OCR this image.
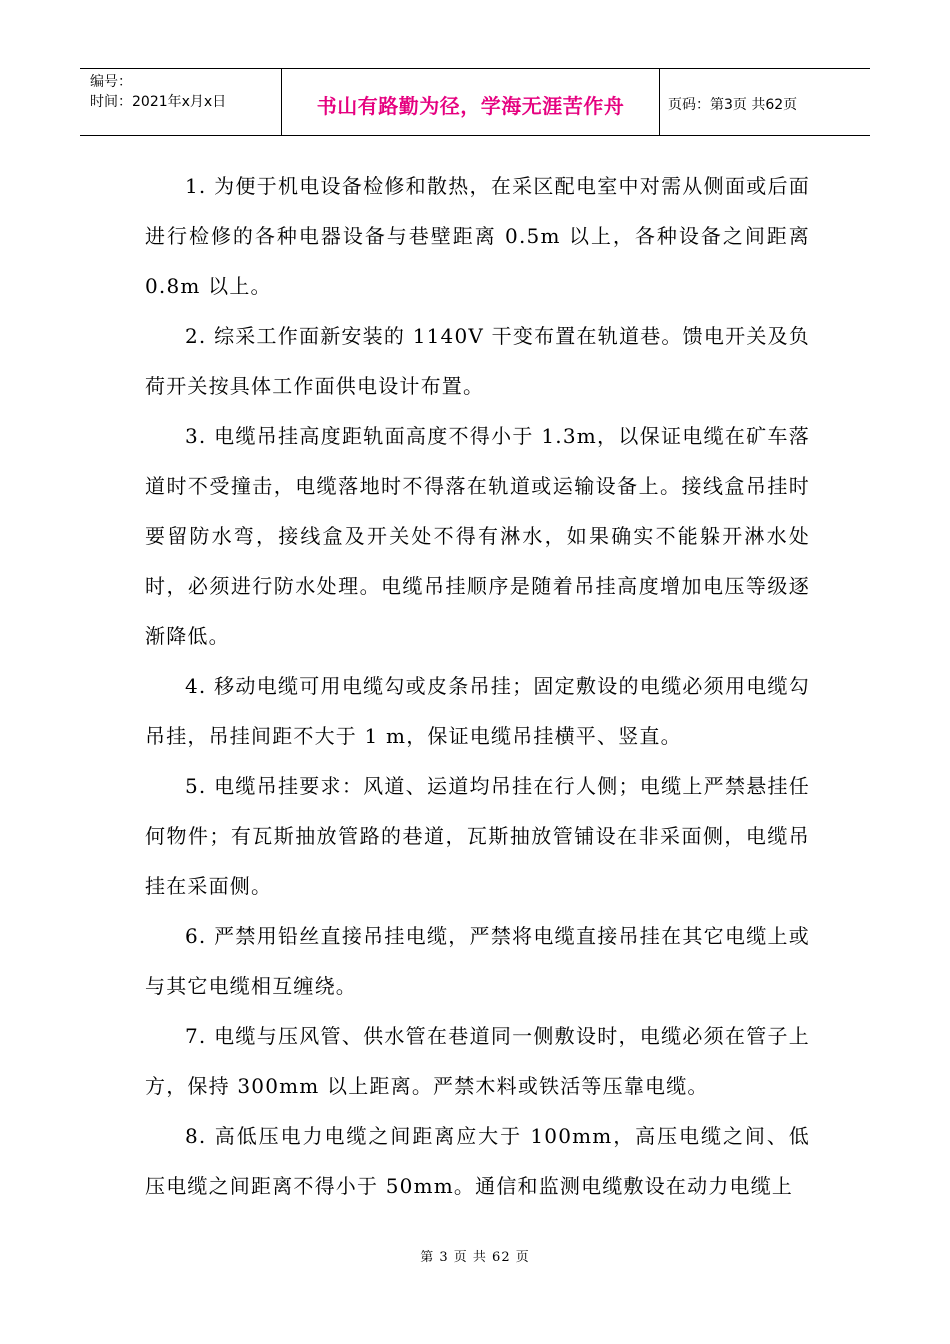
编号：
时间：2021年x月x日	书山有路勤为径，学海无涯苦作舟	页码：第3页 共62页

1. 为便于机电设备检修和散热，在采区配电室中对需从侧面或后面进行检修的各种电器设备与巷壁距离 0.5m 以上，各种设备之间距离 0.8m 以上。

2. 综采工作面新安装的 1140V 干变布置在轨道巷。馈电开关及负荷开关按具体工作面供电设计布置。

3. 电缆吊挂高度距轨面高度不得小于 1.3m，以保证电缆在矿车落道时不受撞击，电缆落地时不得落在轨道或运输设备上。接线盒吊挂时要留防水弯，接线盒及开关处不得有淋水，如果确实不能躲开淋水处时，必须进行防水处理。电缆吊挂顺序是随着吊挂高度增加电压等级逐渐降低。

4. 移动电缆可用电缆勾或皮条吊挂；固定敷设的电缆必须用电缆勾吊挂，吊挂间距不大于 1 m，保证电缆吊挂横平、竖直。

5. 电缆吊挂要求：风道、运道均吊挂在行人侧；电缆上严禁悬挂任何物件；有瓦斯抽放管路的巷道，瓦斯抽放管铺设在非采面侧，电缆吊挂在采面侧。

6. 严禁用铅丝直接吊挂电缆，严禁将电缆直接吊挂在其它电缆上或与其它电缆相互缠绕。

7. 电缆与压风管、供水管在巷道同一侧敷设时，电缆必须在管子上方，保持 300mm 以上距离。严禁木料或铁活等压靠电缆。

8. 高低压电力电缆之间距离应大于 100mm，高压电缆之间、低压电缆之间距离不得小于 50mm。通信和监测电缆敷设在动力电缆上

第 3 页 共 62 页
